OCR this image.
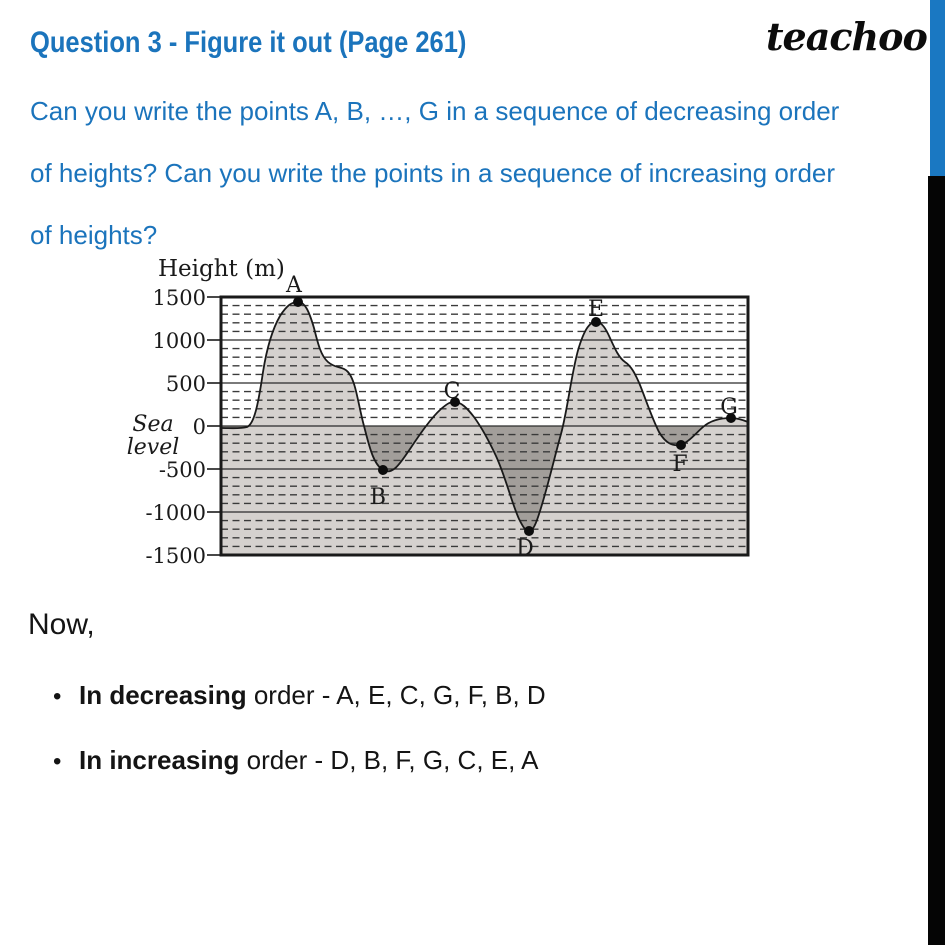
Question 3 - Figure it out (Page 261)	teachoo
Can you write the points A, B, …, G in a sequence of decreasing order
of heights? Can you write the points in a sequence of increasing order
of heights?
A
B
C
D
E
F
G
1500
1000
500
0
-500
-1000
-1500
Height (m)
Sea
level
Now,
• In decreasing order - A, E, C, G, F, B, D
• In increasing order - D, B, F, G, C, E, A
